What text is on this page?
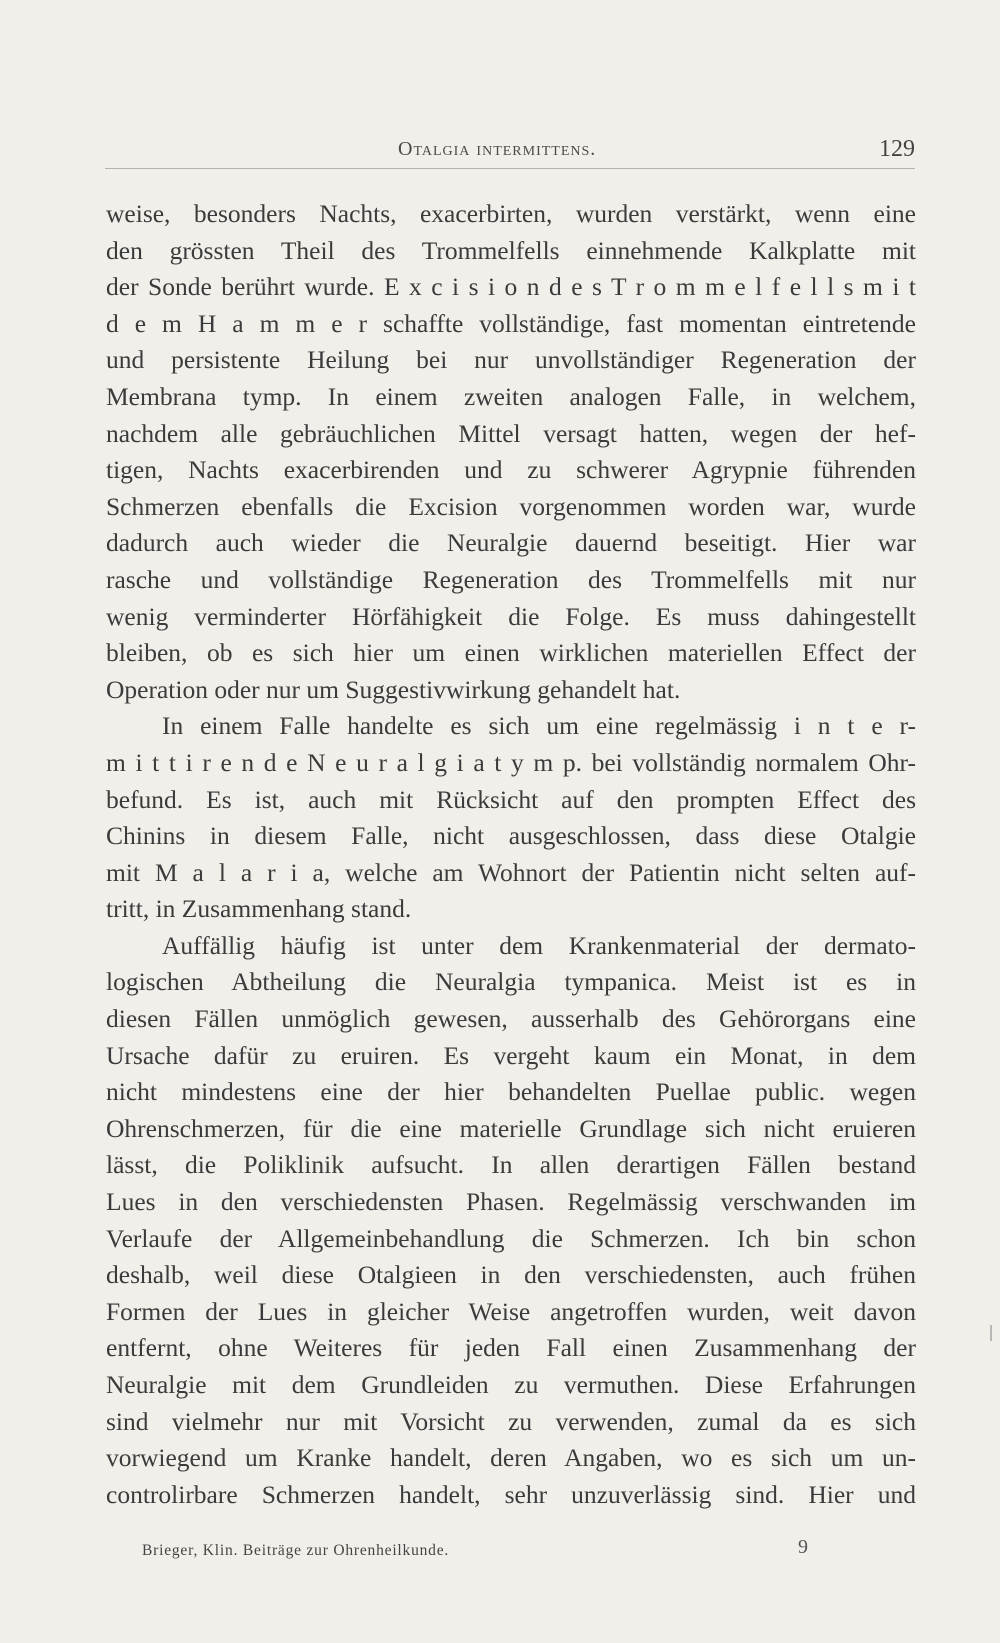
Otalgia intermittens.	129
weise, besonders Nachts, exacerbirten, wurden verstärkt, wenn eine
den grössten Theil des Trommelfells einnehmende Kalkplatte mit
der Sonde berührt wurde. E x c i s i o n d e s T r o m m e l f e l l s m i t
d e m H a m m e r schaffte vollständige, fast momentan eintretende
und persistente Heilung bei nur unvollständiger Regeneration der
Membrana tymp. In einem zweiten analogen Falle, in welchem,
nachdem alle gebräuchlichen Mittel versagt hatten, wegen der hef-
tigen, Nachts exacerbirenden und zu schwerer Agrypnie führenden
Schmerzen ebenfalls die Excision vorgenommen worden war, wurde
dadurch auch wieder die Neuralgie dauernd beseitigt. Hier war
rasche und vollständige Regeneration des Trommelfells mit nur
wenig verminderter Hörfähigkeit die Folge. Es muss dahingestellt
bleiben, ob es sich hier um einen wirklichen materiellen Effect der
Operation oder nur um Suggestivwirkung gehandelt hat.
In einem Falle handelte es sich um eine regelmässig i n t e r-
m i t t i r e n d e N e u r a l g i a t y m p. bei vollständig normalem Ohr-
befund. Es ist, auch mit Rücksicht auf den prompten Effect des
Chinins in diesem Falle, nicht ausgeschlossen, dass diese Otalgie
mit M a l a r i a, welche am Wohnort der Patientin nicht selten auf-
tritt, in Zusammenhang stand.
Auffällig häufig ist unter dem Krankenmaterial der dermato-
logischen Abtheilung die Neuralgia tympanica. Meist ist es in
diesen Fällen unmöglich gewesen, ausserhalb des Gehörorgans eine
Ursache dafür zu eruiren. Es vergeht kaum ein Monat, in dem
nicht mindestens eine der hier behandelten Puellae public. wegen
Ohrenschmerzen, für die eine materielle Grundlage sich nicht eruieren
lässt, die Poliklinik aufsucht. In allen derartigen Fällen bestand
Lues in den verschiedensten Phasen. Regelmässig verschwanden im
Verlaufe der Allgemeinbehandlung die Schmerzen. Ich bin schon
deshalb, weil diese Otalgieen in den verschiedensten, auch frühen
Formen der Lues in gleicher Weise angetroffen wurden, weit davon
entfernt, ohne Weiteres für jeden Fall einen Zusammenhang der
Neuralgie mit dem Grundleiden zu vermuthen. Diese Erfahrungen
sind vielmehr nur mit Vorsicht zu verwenden, zumal da es sich
vorwiegend um Kranke handelt, deren Angaben, wo es sich um un-
controlirbare Schmerzen handelt, sehr unzuverlässig sind. Hier und
Brieger, Klin. Beiträge zur Ohrenheilkunde.	9
